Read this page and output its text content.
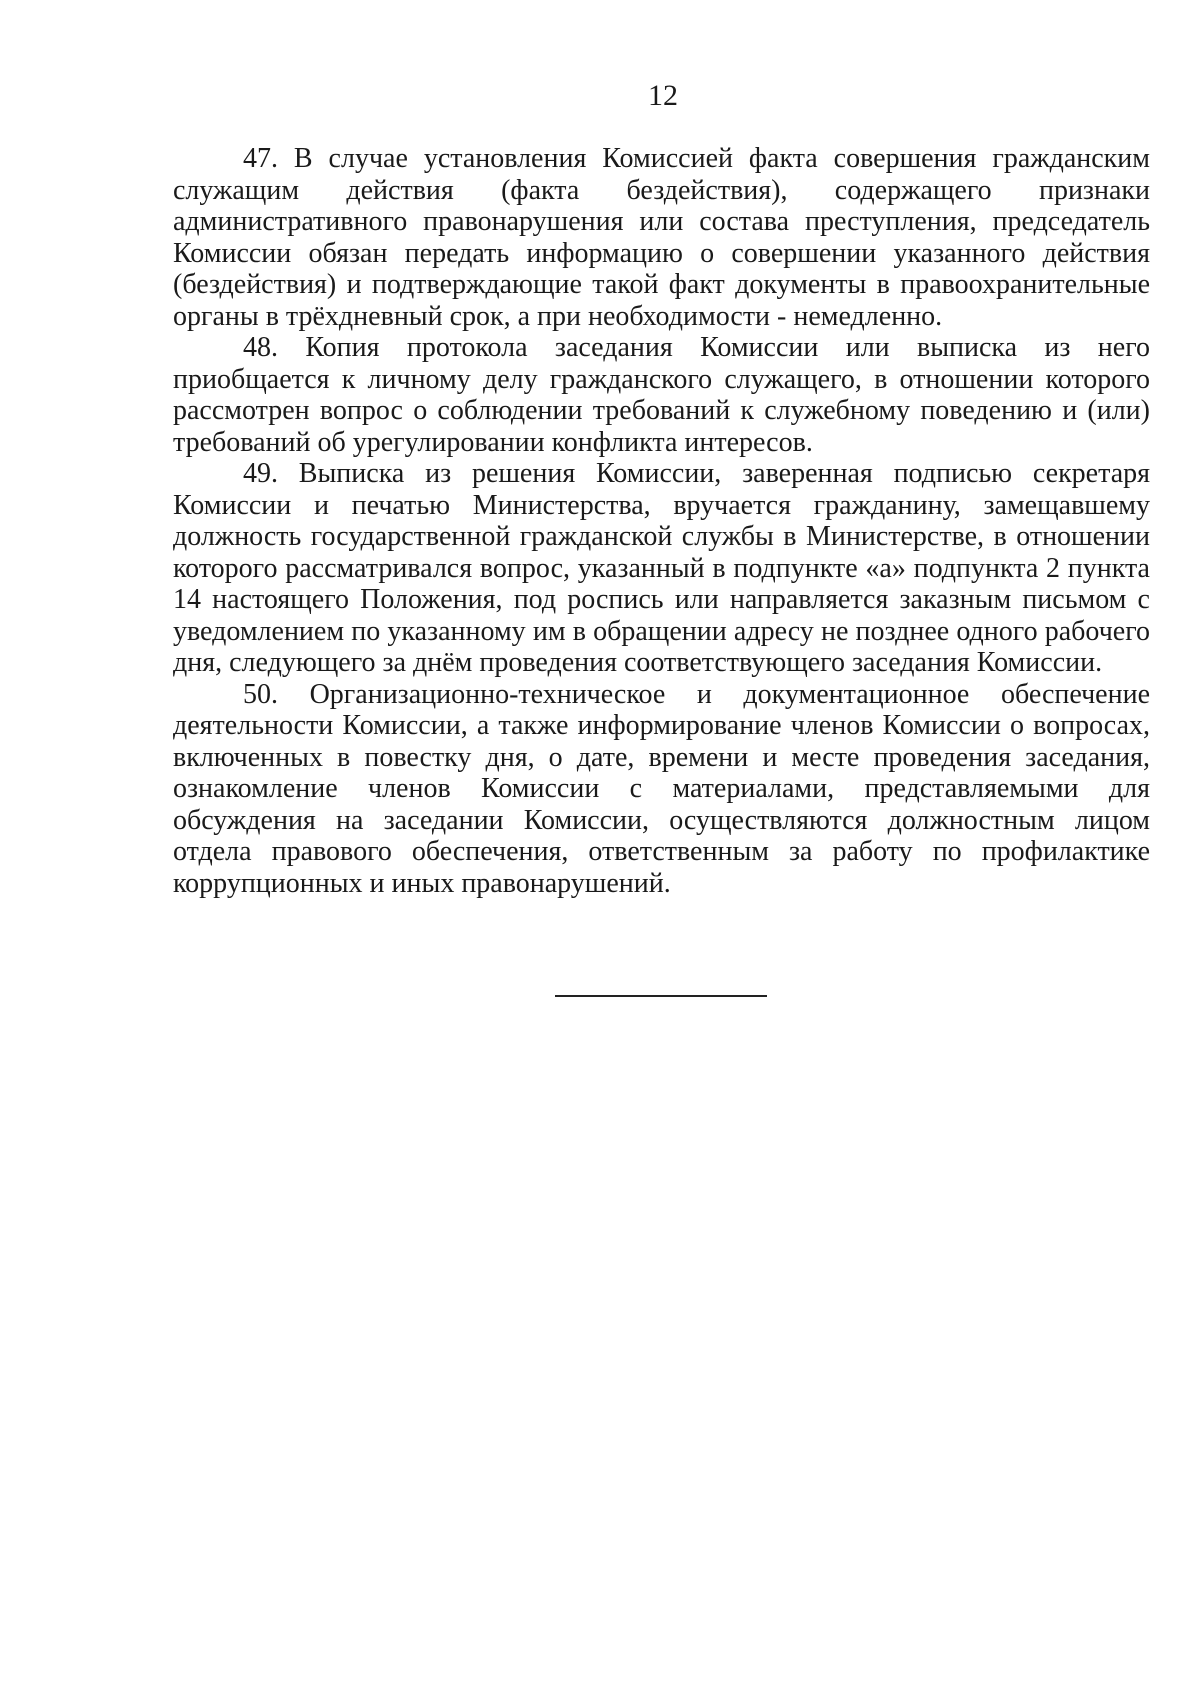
12

47. В случае установления Комиссией факта совершения гражданским служащим действия (факта бездействия), содержащего признаки административного правонарушения или состава преступления, председатель Комиссии обязан передать информацию о совершении указанного действия (бездействия) и подтверждающие такой факт документы в правоохранительные органы в трёхдневный срок, а при необходимости - немедленно.

48. Копия протокола заседания Комиссии или выписка из него приобщается к личному делу гражданского служащего, в отношении которого рассмотрен вопрос о соблюдении требований к служебному поведению и (или) требований об урегулировании конфликта интересов.

49. Выписка из решения Комиссии, заверенная подписью секретаря Комиссии и печатью Министерства, вручается гражданину, замещавшему должность государственной гражданской службы в Министерстве, в отношении которого рассматривался вопрос, указанный в подпункте «а» подпункта 2 пункта 14 настоящего Положения, под роспись или направляется заказным письмом с уведомлением по указанному им в обращении адресу не позднее одного рабочего дня, следующего за днём проведения соответствующего заседания Комиссии.

50. Организационно-техническое и документационное обеспечение деятельности Комиссии, а также информирование членов Комиссии о вопросах, включенных в повестку дня, о дате, времени и месте проведения заседания, ознакомление членов Комиссии с материалами, представляемыми для обсуждения на заседании Комиссии, осуществляются должностным лицом отдела правового обеспечения, ответственным за работу по профилактике коррупционных и иных правонарушений.
